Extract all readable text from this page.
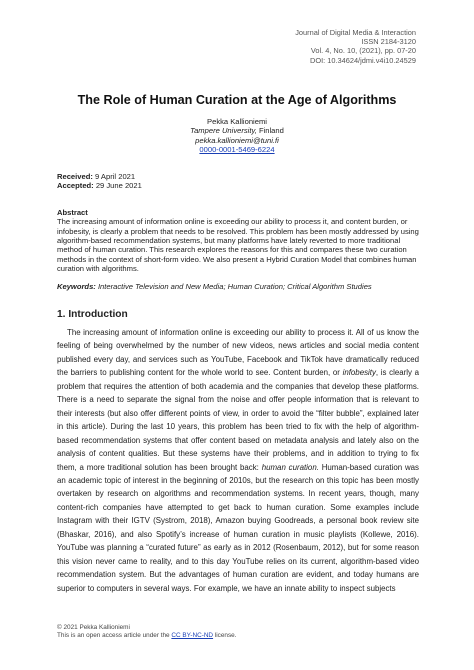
Journal of Digital Media & Interaction
ISSN 2184-3120
Vol. 4, No. 10, (2021), pp. 07-20
DOI: 10.34624/jdmi.v4i10.24529
The Role of Human Curation at the Age of Algorithms
Pekka Kallioniemi
Tampere University, Finland
pekka.kallioniemi@tuni.fi
0000-0001-5469-6224
Received: 9 April 2021
Accepted: 29 June 2021
Abstract
The increasing amount of information online is exceeding our ability to process it, and content burden, or infobesity, is clearly a problem that needs to be resolved. This problem has been mostly addressed by using algorithm-based recommendation systems, but many platforms have lately reverted to more traditional method of human curation. This research explores the reasons for this and compares these two curation methods in the context of short-form video. We also present a Hybrid Curation Model that combines human curation with algorithms.
Keywords: Interactive Television and New Media; Human Curation; Critical Algorithm Studies
1. Introduction

The increasing amount of information online is exceeding our ability to process it. All of us know the feeling of being overwhelmed by the number of new videos, news articles and social media content published every day, and services such as YouTube, Facebook and TikTok have dramatically reduced the barriers to publishing content for the whole world to see. Content burden, or infobesity, is clearly a problem that requires the attention of both academia and the companies that develop these platforms. There is a need to separate the signal from the noise and offer people information that is relevant to their interests (but also offer different points of view, in order to avoid the “filter bubble”, explained later in this article). During the last 10 years, this problem has been tried to fix with the help of algorithm-based recommendation systems that offer content based on metadata analysis and lately also on the analysis of content qualities. But these systems have their problems, and in addition to trying to fix them, a more traditional solution has been brought back: human curation. Human-based curation was an academic topic of interest in the beginning of 2010s, but the research on this topic has been mostly overtaken by research on algorithms and recommendation systems. In recent years, though, many content-rich companies have attempted to get back to human curation. Some examples include Instagram with their IGTV (Systrom, 2018), Amazon buying Goodreads, a personal book review site (Bhaskar, 2016), and also Spotify’s increase of human curation in music playlists (Kollewe, 2016). YouTube was planning a “curated future” as early as in 2012 (Rosenbaum, 2012), but for some reason this vision never came to reality, and to this day YouTube relies on its current, algorithm-based video recommendation system. But the advantages of human curation are evident, and today humans are superior to computers in several ways. For example, we have an innate ability to inspect subjects

© 2021 Pekka Kallioniemi
This is an open access article under the CC BY-NC-ND license.
